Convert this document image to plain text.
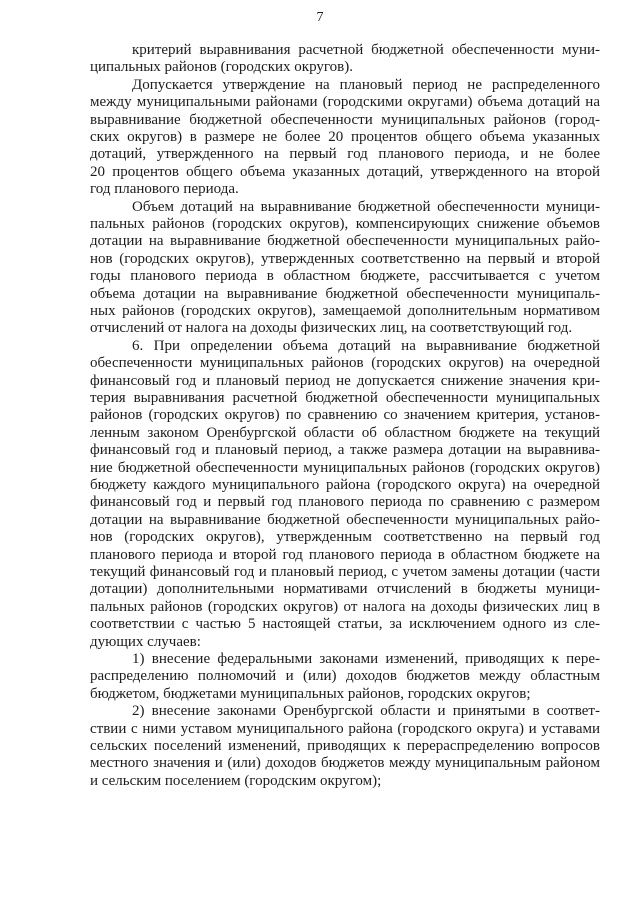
7
критерий выравнивания расчетной бюджетной обеспеченности муни-
ципальных районов (городских округов).
Допускается утверждение на плановый период не распределенного
между муниципальными районами (городскими округами) объема дотаций на
выравнивание бюджетной обеспеченности муниципальных районов (город-
ских округов) в размере не более 20 процентов общего объема указанных
дотаций, утвержденного на первый год планового периода, и не более
20 процентов общего объема указанных дотаций, утвержденного на второй
год планового периода.
Объем дотаций на выравнивание бюджетной обеспеченности муници-
пальных районов (городских округов), компенсирующих снижение объемов
дотации на выравнивание бюджетной обеспеченности муниципальных райо-
нов (городских округов), утвержденных соответственно на первый и второй
годы планового периода в областном бюджете, рассчитывается с учетом
объема дотации на выравнивание бюджетной обеспеченности муниципаль-
ных районов (городских округов), замещаемой дополнительным нормативом
отчислений от налога на доходы физических лиц, на соответствующий год.
6. При определении объема дотаций на выравнивание бюджетной
обеспеченности муниципальных районов (городских округов) на очередной
финансовый год и плановый период не допускается снижение значения кри-
терия выравнивания расчетной бюджетной обеспеченности муниципальных
районов (городских округов) по сравнению со значением критерия, установ-
ленным законом Оренбургской области об областном бюджете на текущий
финансовый год и плановый период, а также размера дотации на выравнива-
ние бюджетной обеспеченности муниципальных районов (городских округов)
бюджету каждого муниципального района (городского округа) на очередной
финансовый год и первый год планового периода по сравнению с размером
дотации на выравнивание бюджетной обеспеченности муниципальных райо-
нов (городских округов), утвержденным соответственно на первый год
планового периода и второй год планового периода в областном бюджете на
текущий финансовый год и плановый период, с учетом замены дотации (части
дотации) дополнительными нормативами отчислений в бюджеты муници-
пальных районов (городских округов) от налога на доходы физических лиц в
соответствии с частью 5 настоящей статьи, за исключением одного из сле-
дующих случаев:
1) внесение федеральными законами изменений, приводящих к пере-
распределению полномочий и (или) доходов бюджетов между областным
бюджетом, бюджетами муниципальных районов, городских округов;
2) внесение законами Оренбургской области и принятыми в соответ-
ствии с ними уставом муниципального района (городского округа) и уставами
сельских поселений изменений, приводящих к перераспределению вопросов
местного значения и (или) доходов бюджетов между муниципальным районом
и сельским поселением (городским округом);
